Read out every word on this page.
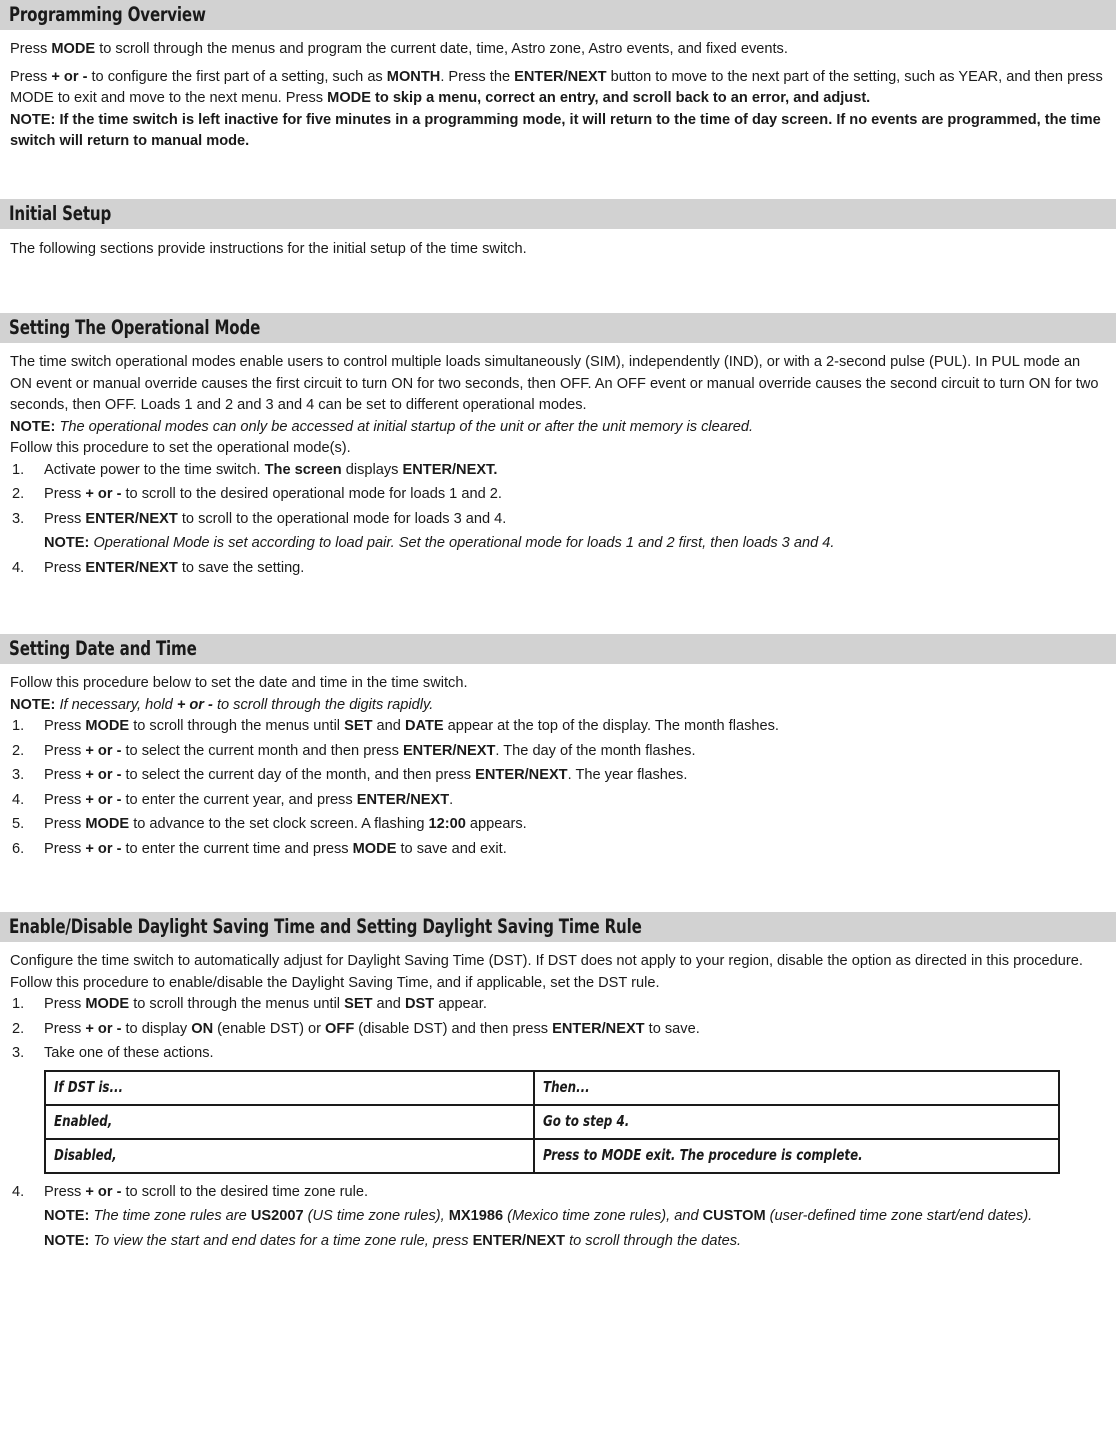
Programming Overview

Press MODE to scroll through the menus and program the current date, time, Astro zone, Astro events, and fixed events.

Press + or - to configure the first part of a setting, such as MONTH. Press the ENTER/NEXT button to move to the next part of the setting, such as YEAR, and then press MODE to exit and move to the next menu. Press MODE to skip a menu, correct an entry, and scroll back to an error, and adjust.

NOTE: If the time switch is left inactive for five minutes in a programming mode, it will return to the time of day screen. If no events are programmed, the time switch will return to manual mode.

Initial Setup

The following sections provide instructions for the initial setup of the time switch.

Setting The Operational Mode

The time switch operational modes enable users to control multiple loads simultaneously (SIM), independently (IND), or with a 2-second pulse (PUL). In PUL mode an ON event or manual override causes the first circuit to turn ON for two seconds, then OFF. An OFF event or manual override causes the second circuit to turn ON for two seconds, then OFF. Loads 1 and 2 and 3 and 4 can be set to different operational modes.

NOTE: The operational modes can only be accessed at initial startup of the unit or after the unit memory is cleared.

Follow this procedure to set the operational mode(s).

Activate power to the time switch. The screen displays ENTER/NEXT.
Press + or - to scroll to the desired operational mode for loads 1 and 2.
Press ENTER/NEXT to scroll to the operational mode for loads 3 and 4.
NOTE: Operational Mode is set according to load pair. Set the operational mode for loads 1 and 2 first, then loads 3 and 4.
Press ENTER/NEXT to save the setting.
Setting Date and Time

Follow this procedure below to set the date and time in the time switch.

NOTE: If necessary, hold + or - to scroll through the digits rapidly.

Press MODE to scroll through the menus until SET and DATE appear at the top of the display. The month flashes.
Press + or - to select the current month and then press ENTER/NEXT. The day of the month flashes.
Press + or - to select the current day of the month, and then press ENTER/NEXT. The year flashes.
Press + or - to enter the current year, and press ENTER/NEXT.
Press MODE to advance to the set clock screen. A flashing 12:00 appears.
Press + or - to enter the current time and press MODE to save and exit.
Enable/Disable Daylight Saving Time and Setting Daylight Saving Time Rule

Configure the time switch to automatically adjust for Daylight Saving Time (DST). If DST does not apply to your region, disable the option as directed in this procedure. Follow this procedure to enable/disable the Daylight Saving Time, and if applicable, set the DST rule.

Press MODE to scroll through the menus until SET and DST appear.
Press + or - to display ON (enable DST) or OFF (disable DST) and then press ENTER/NEXT to save.
Take one of these actions.
If DST is...	Then...
Enabled,	Go to step 4.
Disabled,	Press to MODE exit. The procedure is complete.
Press + or - to scroll to the desired time zone rule.
NOTE: The time zone rules are US2007 (US time zone rules), MX1986 (Mexico time zone rules), and CUSTOM (user-defined time zone start/end dates).
NOTE: To view the start and end dates for a time zone rule, press ENTER/NEXT to scroll through the dates.
